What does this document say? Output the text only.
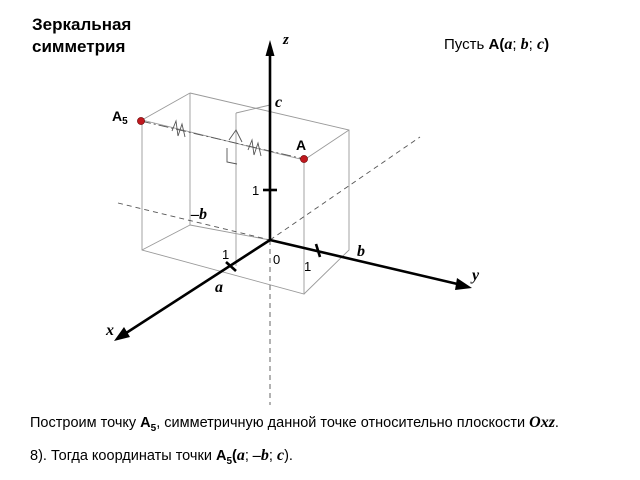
Зеркальная
симметрия	Пусть A(a; b; c)
z
y
x
0
c
b
a
–b
1
1
1
A
$A_5$
Построим точку $A_5$, симметричную данной точке относительно плоскости Oxz.
8). Тогда координаты точки $A_5(a$; –b; c).
